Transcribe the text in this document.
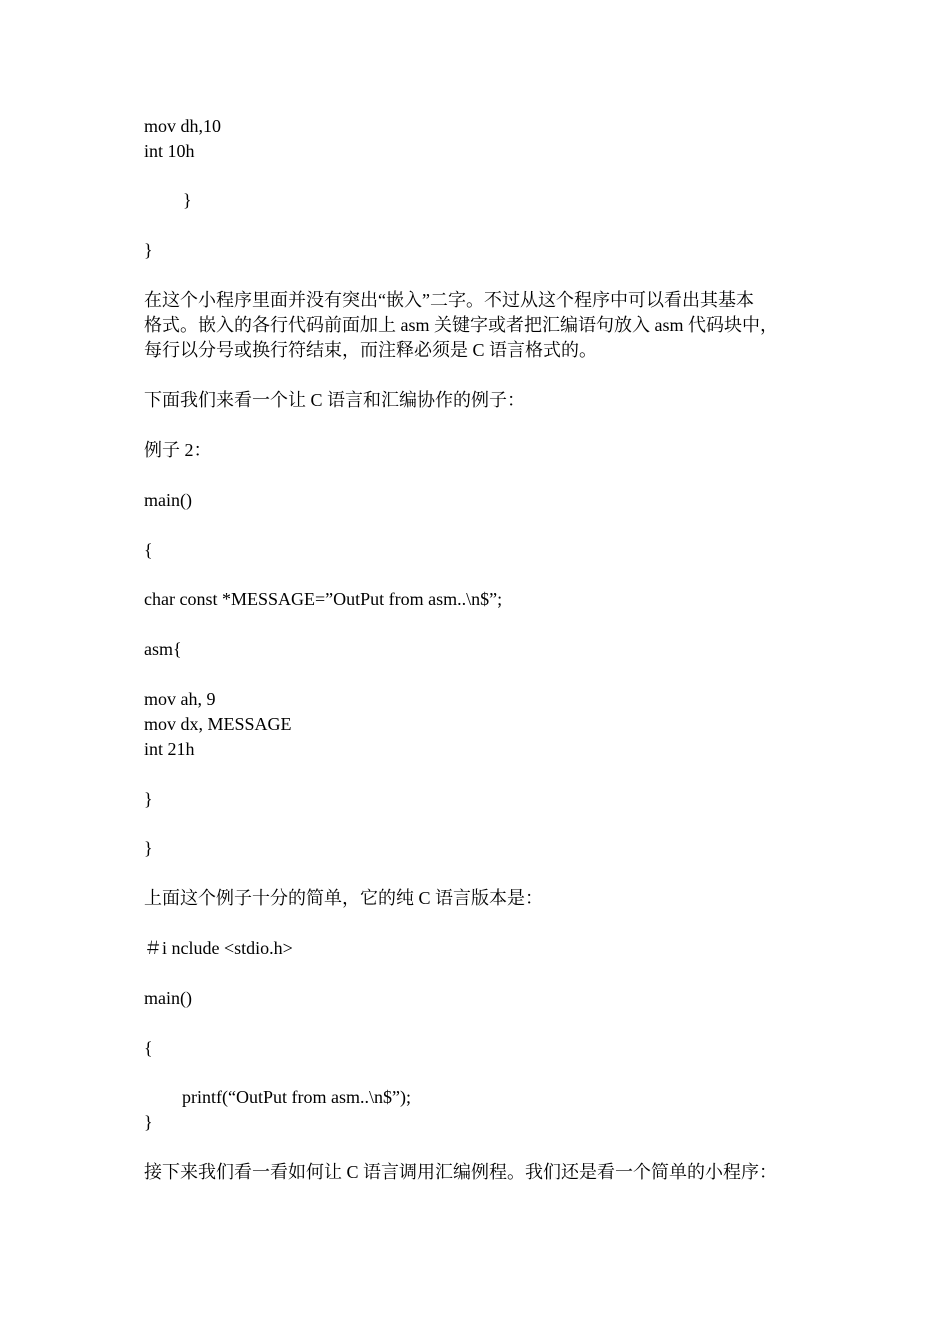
mov dh,10

int 10h

}

}

在这个小程序里面并没有突出“嵌入”二字。不过从这个程序中可以看出其基本

格式。嵌入的各行代码前面加上 asm 关键字或者把汇编语句放入 asm 代码块中，

每行以分号或换行符结束，而注释必须是 C 语言格式的。

下面我们来看一个让 C 语言和汇编协作的例子：

例子 2：

main()

{

char const *MESSAGE=”OutPut from asm..\n$”;

asm{

mov ah, 9

mov dx, MESSAGE

int 21h

}

}

上面这个例子十分的简单，它的纯 C 语言版本是：

＃i nclude <stdio.h>

main()

{

printf(“OutPut from asm..\n$”);

}

接下来我们看一看如何让 C 语言调用汇编例程。我们还是看一个简单的小程序：
